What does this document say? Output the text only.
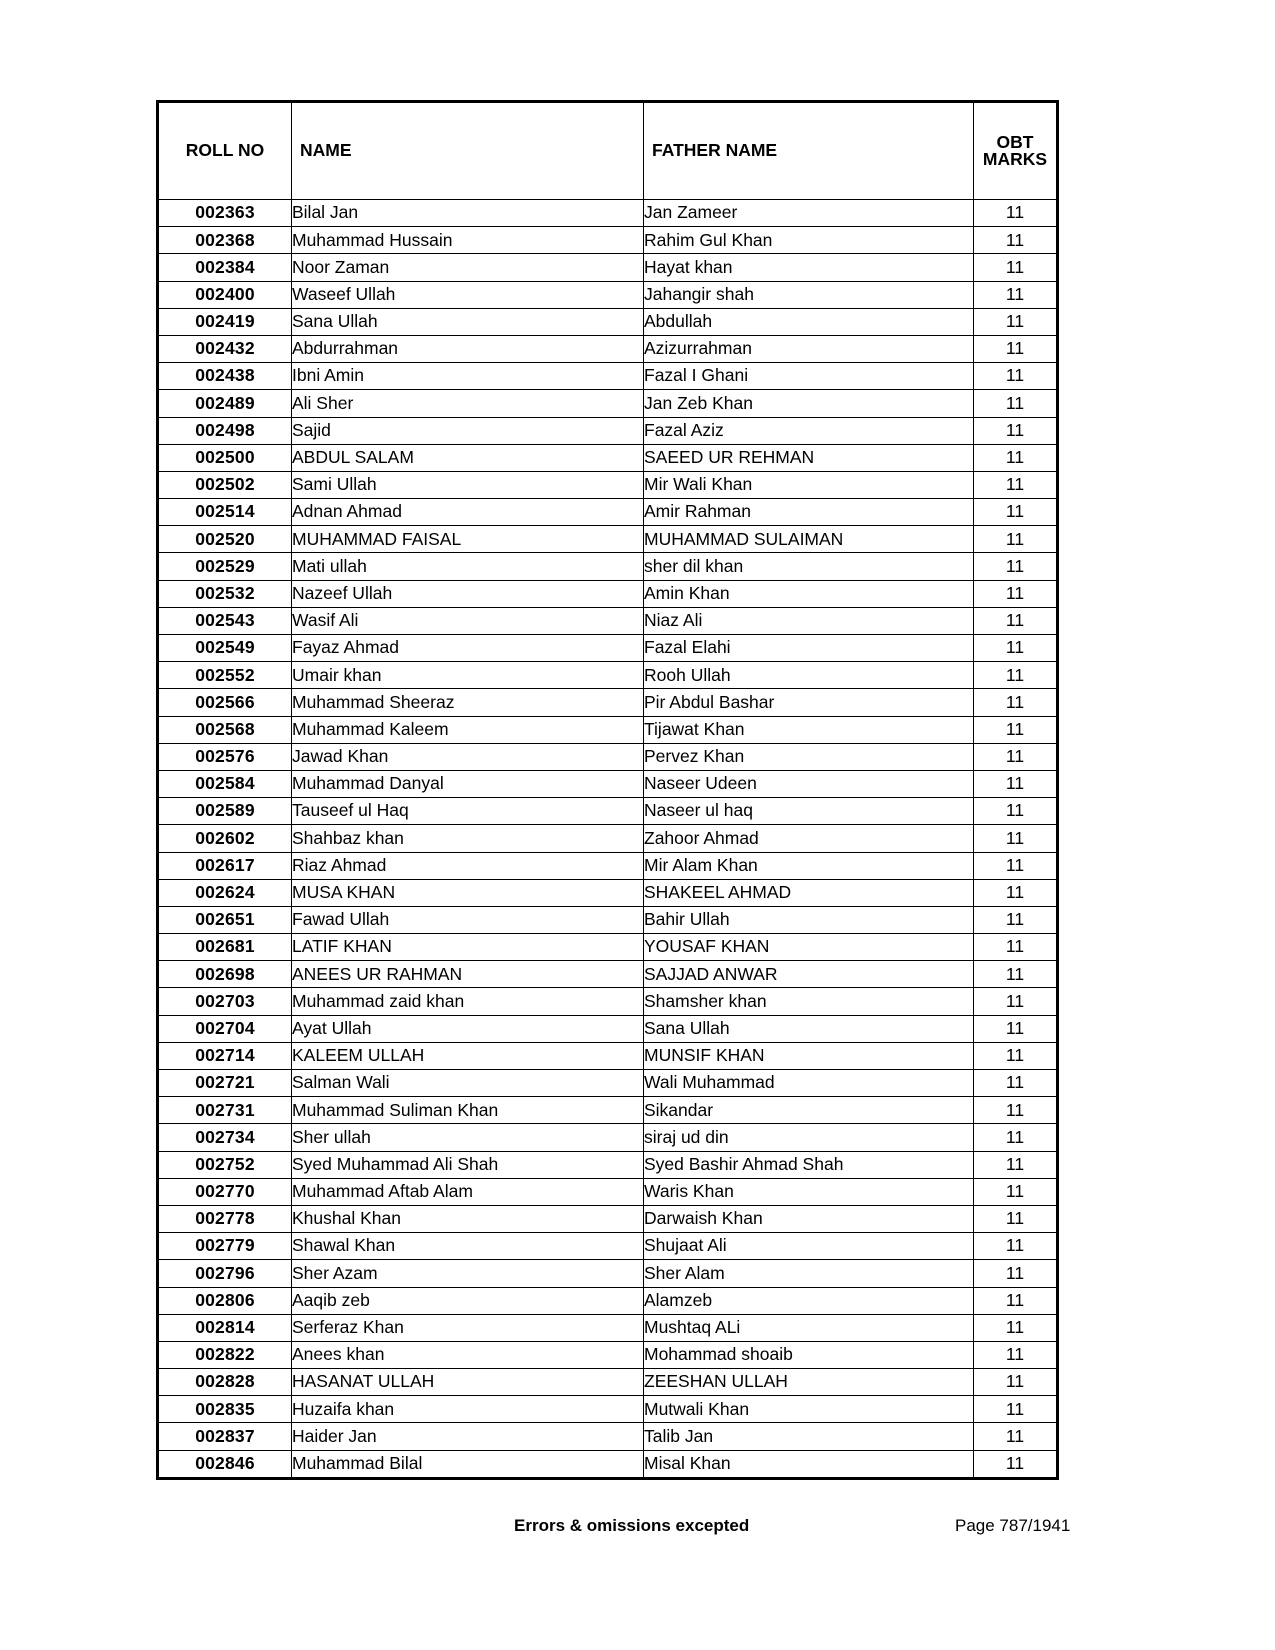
ROLL NO	NAME	FATHER NAME	OBT
MARKS

002363	Bilal Jan	Jan Zameer	11
002368	Muhammad Hussain	Rahim Gul Khan	11
002384	Noor Zaman	Hayat khan	11
002400	Waseef Ullah	Jahangir shah	11
002419	Sana Ullah	Abdullah	11
002432	Abdurrahman	Azizurrahman	11
002438	Ibni Amin	Fazal I Ghani	11
002489	Ali Sher	Jan Zeb Khan	11
002498	Sajid	Fazal Aziz	11
002500	ABDUL SALAM	SAEED UR REHMAN	11
002502	Sami Ullah	Mir Wali Khan	11
002514	Adnan Ahmad	Amir Rahman	11
002520	MUHAMMAD FAISAL	MUHAMMAD SULAIMAN	11
002529	Mati ullah	sher dil khan	11
002532	Nazeef Ullah	Amin Khan	11
002543	Wasif Ali	Niaz Ali	11
002549	Fayaz Ahmad	Fazal Elahi	11
002552	Umair khan	Rooh Ullah	11
002566	Muhammad Sheeraz	Pir Abdul Bashar	11
002568	Muhammad Kaleem	Tijawat Khan	11
002576	Jawad Khan	Pervez Khan	11
002584	Muhammad Danyal	Naseer Udeen	11
002589	Tauseef ul Haq	Naseer ul haq	11
002602	Shahbaz khan	Zahoor Ahmad	11
002617	Riaz Ahmad	Mir Alam Khan	11
002624	MUSA KHAN	SHAKEEL AHMAD	11
002651	Fawad Ullah	Bahir Ullah	11
002681	LATIF KHAN	YOUSAF KHAN	11
002698	ANEES UR RAHMAN	SAJJAD ANWAR	11
002703	Muhammad zaid khan	Shamsher khan	11
002704	Ayat Ullah	Sana Ullah	11
002714	KALEEM ULLAH	MUNSIF KHAN	11
002721	Salman Wali	Wali Muhammad	11
002731	Muhammad Suliman Khan	Sikandar	11
002734	Sher ullah	siraj ud din	11
002752	Syed Muhammad Ali Shah	Syed Bashir Ahmad Shah	11
002770	Muhammad Aftab Alam	Waris Khan	11
002778	Khushal Khan	Darwaish Khan	11
002779	Shawal Khan	Shujaat Ali	11
002796	Sher Azam	Sher Alam	11
002806	Aaqib zeb	Alamzeb	11
002814	Serferaz Khan	Mushtaq ALi	11
002822	Anees khan	Mohammad shoaib	11
002828	HASANAT ULLAH	ZEESHAN ULLAH	11
002835	Huzaifa khan	Mutwali Khan	11
002837	Haider Jan	Talib Jan	11
002846	Muhammad Bilal	Misal Khan	11
Errors & omissions excepted	Page 787/1941
